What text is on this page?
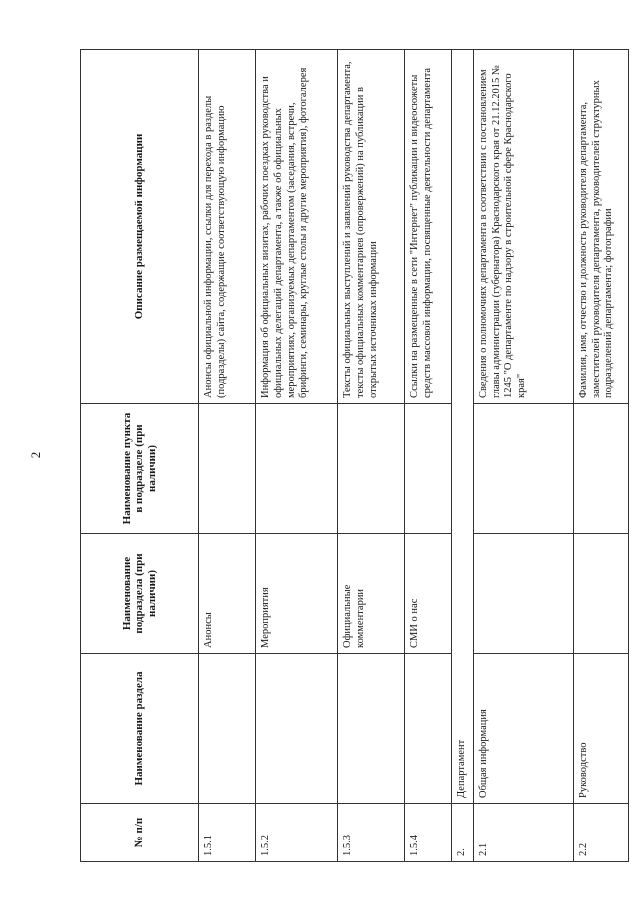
2
№ п/п	Наименование раздела	Наименование подраздела (при наличии)	Наименование пункта в подразделе (при наличии)	Описание размещаемой информации
1.5.1		Анонсы		Анонсы официальной информации, ссылки для перехода в разделы (подразделы) сайта, содержащие соответствующую информацию
1.5.2		Мероприятия		Информация об официальных визитах, рабочих поездках руководства и официальных делегаций департамента, а также об официальных мероприятиях, организуемых департаментом (заседания, встречи, брифинги, семинары, круглые столы и другие мероприятия), фотогалерея
1.5.3		Официальные комментарии		Тексты официальных выступлений и заявлений руководства департамента, тексты официальных комментариев (опровержений) на публикации в открытых источниках информации
1.5.4		СМИ о нас		Ссылки на размещенные в сети "Интернет" публикации и видеосюжеты средств массовой информации, посвященные деятельности департамента
2.	Департамент			
2.1	Общая информация			Сведения о полномочиях департамента в соответствии с постановлением главы администрации (губернатора) Краснодарского края от 21.12.2015 № 1245 "О департаменте по надзору в строительной сфере Краснодарского края"
2.2	Руководство			Фамилия, имя, отчество и должность руководителя департамента, заместителей руководителя департамента, руководителей структурных подразделений департамента; фотографии
